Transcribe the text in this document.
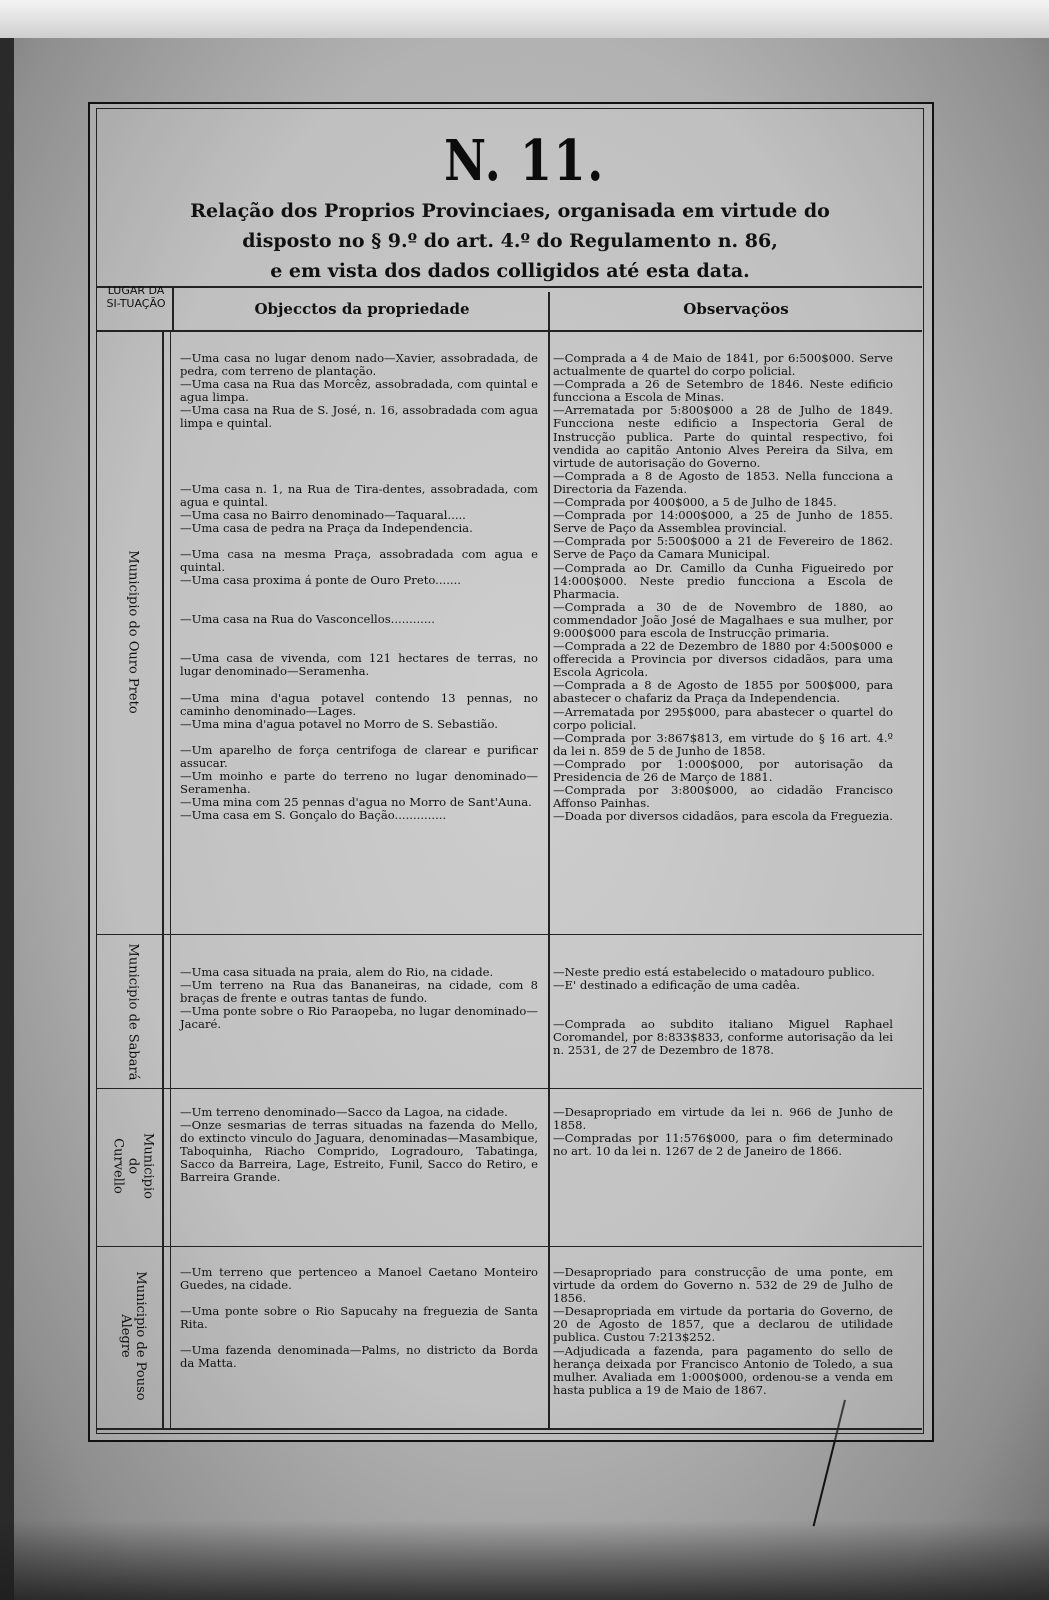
N. 11.
Relação dos Proprios Provinciaes, organisada em virtude do
disposto no § 9.º do art. 4.º do Regulamento n. 86,
e em vista dos dados colligidos até esta data.
LUGAR DA SI-TUAÇÃO	Objecctos da propriedade	Observaçöos
Municipio do Ouro Preto
Municipio de Sabará
Municipio
do
Curvello
Municipio de Pouso
Alegre
—Uma casa no lugar denom nado—Xavier, assobradada, de pedra, com terreno de plantação.
—Uma casa na Rua das Morcêz, assobradada, com quintal e agua limpa.
—Uma casa na Rua de S. José, n. 16, assobradada com agua limpa e quintal.
—Uma casa n. 1, na Rua de Tira-dentes, assobradada, com agua e quintal.
—Uma casa no Bairro denominado—Taquaral.....
—Uma casa de pedra na Praça da Independencia.
—Uma casa na mesma Praça, assobradada com agua e quintal.
—Uma casa proxima á ponte de Ouro Preto.......
—Uma casa na Rua do Vasconcellos............
—Uma casa de vivenda, com 121 hectares de terras, no lugar denominado—Seramenha.
—Uma mina d'agua potavel contendo 13 pennas, no caminho denominado—Lages.
—Uma mina d'agua potavel no Morro de S. Sebastião.
—Um aparelho de força centrifoga de clarear e purificar assucar.
—Um moinho e parte do terreno no lugar denominado—Seramenha.
—Uma mina com 25 pennas d'agua no Morro de Sant'Auna.
—Uma casa em S. Gonçalo do Bação..............
—Comprada a 4 de Maio de 1841, por 6:500$000. Serve actualmente de quartel do corpo policial.
—Comprada a 26 de Setembro de 1846. Neste edificio funcciona a Escola de Minas.
—Arrematada por 5:800$000 a 28 de Julho de 1849. Funcciona neste edificio a Inspectoria Geral de Instrucção publica. Parte do quintal respectivo, foi vendida ao capitão Antonio Alves Pereira da Silva, em virtude de autorisação do Governo.
—Comprada a 8 de Agosto de 1853. Nella funcciona a Directoria da Fazenda.
—Comprada por 400$000, a 5 de Julho de 1845.
—Comprada por 14:000$000, a 25 de Junho de 1855. Serve de Paço da Assemblea provincial.
—Comprada por 5:500$000 a 21 de Fevereiro de 1862. Serve de Paço da Camara Municipal.
—Comprada ao Dr. Camillo da Cunha Figueiredo por 14:000$000. Neste predio funcciona a Escola de Pharmacia.
—Comprada a 30 de de Novembro de 1880, ao commendador João José de Magalhaes e sua mulher, por 9:000$000 para escola de Instrucção primaria.
—Comprada a 22 de Dezembro de 1880 por 4:500$000 e offerecida a Provincia por diversos cidadãos, para uma Escola Agricola.
—Comprada a 8 de Agosto de 1855 por 500$000, para abastecer o chafariz da Praça da Independencia.
—Arrematada por 295$000, para abastecer o quartel do corpo policial.
—Comprada por 3:867$813, em virtude do § 16 art. 4.º da lei n. 859 de 5 de Junho de 1858.
—Comprado por 1:000$000, por autorisação da Presidencia de 26 de Março de 1881.
—Comprada por 3:800$000, ao cidadão Francisco Affonso Painhas.
—Doada por diversos cidadãos, para escola da Freguezia.
—Uma casa situada na praia, alem do Rio, na cidade.
—Um terreno na Rua das Bananeiras, na cidade, com 8 braças de frente e outras tantas de fundo.
—Uma ponte sobre o Rio Paraopeba, no lugar denominado—Jacaré.
—Neste predio está estabelecido o matadouro publico.
—E' destinado a edificação de uma cadêa.
—Comprada ao subdito italiano Miguel Raphael Coromandel, por 8:833$833, conforme autorisação da lei n. 2531, de 27 de Dezembro de 1878.
—Um terreno denominado—Sacco da Lagoa, na cidade.
—Onze sesmarias de terras situadas na fazenda do Mello, do extincto vinculo do Jaguara, denominadas—Masambique, Taboquinha, Riacho Comprido, Logradouro, Tabatinga, Sacco da Barreira, Lage, Estreito, Funil, Sacco do Retiro, e Barreira Grande.
—Desapropriado em virtude da lei n. 966 de Junho de 1858.
—Compradas por 11:576$000, para o fim determinado no art. 10 da lei n. 1267 de 2 de Janeiro de 1866.
—Um terreno que pertenceo a Manoel Caetano Monteiro Guedes, na cidade.
—Uma ponte sobre o Rio Sapucahy na freguezia de Santa Rita.
—Uma fazenda denominada—Palms, no districto da Borda da Matta.
—Desapropriado para construcção de uma ponte, em virtude da ordem do Governo n. 532 de 29 de Julho de 1856.
—Desapropriada em virtude da portaria do Governo, de 20 de Agosto de 1857, que a declarou de utilidade publica. Custou 7:213$252.
—Adjudicada a fazenda, para pagamento do sello de herança deixada por Francisco Antonio de Toledo, a sua mulher. Avaliada em 1:000$000, ordenou-se a venda em hasta publica a 19 de Maio de 1867.
